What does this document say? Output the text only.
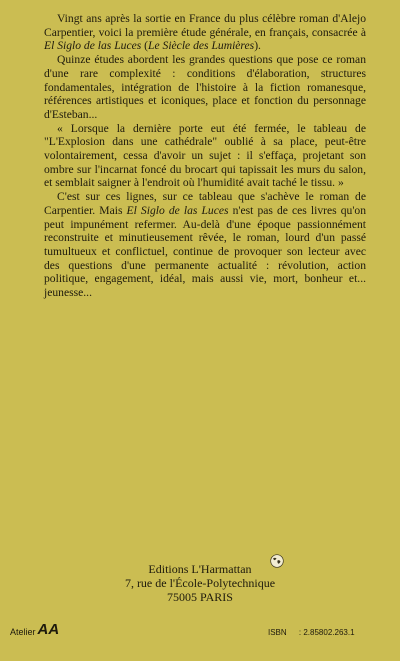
Vingt ans après la sortie en France du plus célèbre roman d'Alejo Carpentier, voici la première étude générale, en français, consacrée à El Siglo de las Luces (Le Siècle des Lumières).

Quinze études abordent les grandes questions que pose ce roman d'une rare complexité : conditions d'élaboration, structures fondamentales, intégration de l'histoire à la fiction romanesque, références artistiques et iconiques, place et fonction du personnage d'Esteban...

« Lorsque la dernière porte eut été fermée, le tableau de "L'Explosion dans une cathédrale" oublié à sa place, peut-être volontairement, cessa d'avoir un sujet : il s'effaça, projetant son ombre sur l'incarnat foncé du brocart qui tapissait les murs du salon, et semblait saigner à l'endroit où l'humidité avait taché le tissu. »

C'est sur ces lignes, sur ce tableau que s'achève le roman de Carpentier. Mais El Siglo de las Luces n'est pas de ces livres qu'on peut impunément refermer. Au-delà d'une époque passionnément reconstruite et minutieusement rêvée, le roman, lourd d'un passé tumultueux et conflictuel, continue de provoquer son lecteur avec des questions d'une permanente actualité : révolution, action politique, engagement, idéal, mais aussi vie, mort, bonheur et... jeunesse...

Editions L'Harmattan
7, rue de l'École-Polytechnique
75005 PARIS
Atelier AA	ISBN : 2.85802.263.1
